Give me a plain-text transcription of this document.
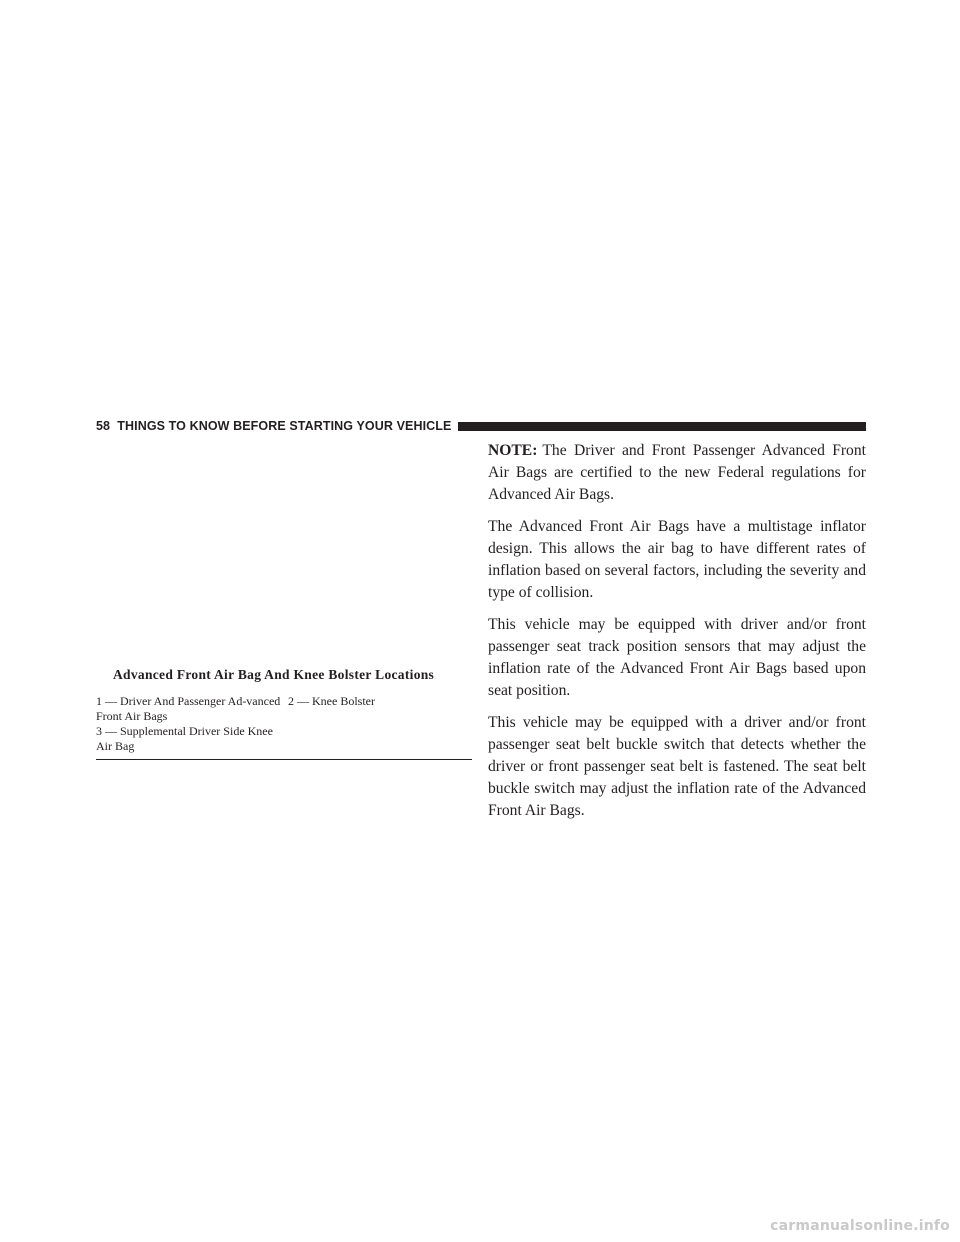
58 THINGS TO KNOW BEFORE STARTING YOUR VEHICLE
Advanced Front Air Bag And Knee Bolster Locations
1 — Driver And Passenger Ad-vanced Front Air Bags
2 — Knee Bolster
3 — Supplemental Driver Side Knee Air Bag

NOTE: The Driver and Front Passenger Advanced Front Air Bags are certified to the new Federal regulations for Advanced Air Bags.

The Advanced Front Air Bags have a multistage inflator design. This allows the air bag to have different rates of inflation based on several factors, including the severity and type of collision.

This vehicle may be equipped with driver and/or front passenger seat track position sensors that may adjust the inflation rate of the Advanced Front Air Bags based upon seat position.

This vehicle may be equipped with a driver and/or front passenger seat belt buckle switch that detects whether the driver or front passenger seat belt is fastened. The seat belt buckle switch may adjust the inflation rate of the Advanced Front Air Bags.

carmanualsonline.info
